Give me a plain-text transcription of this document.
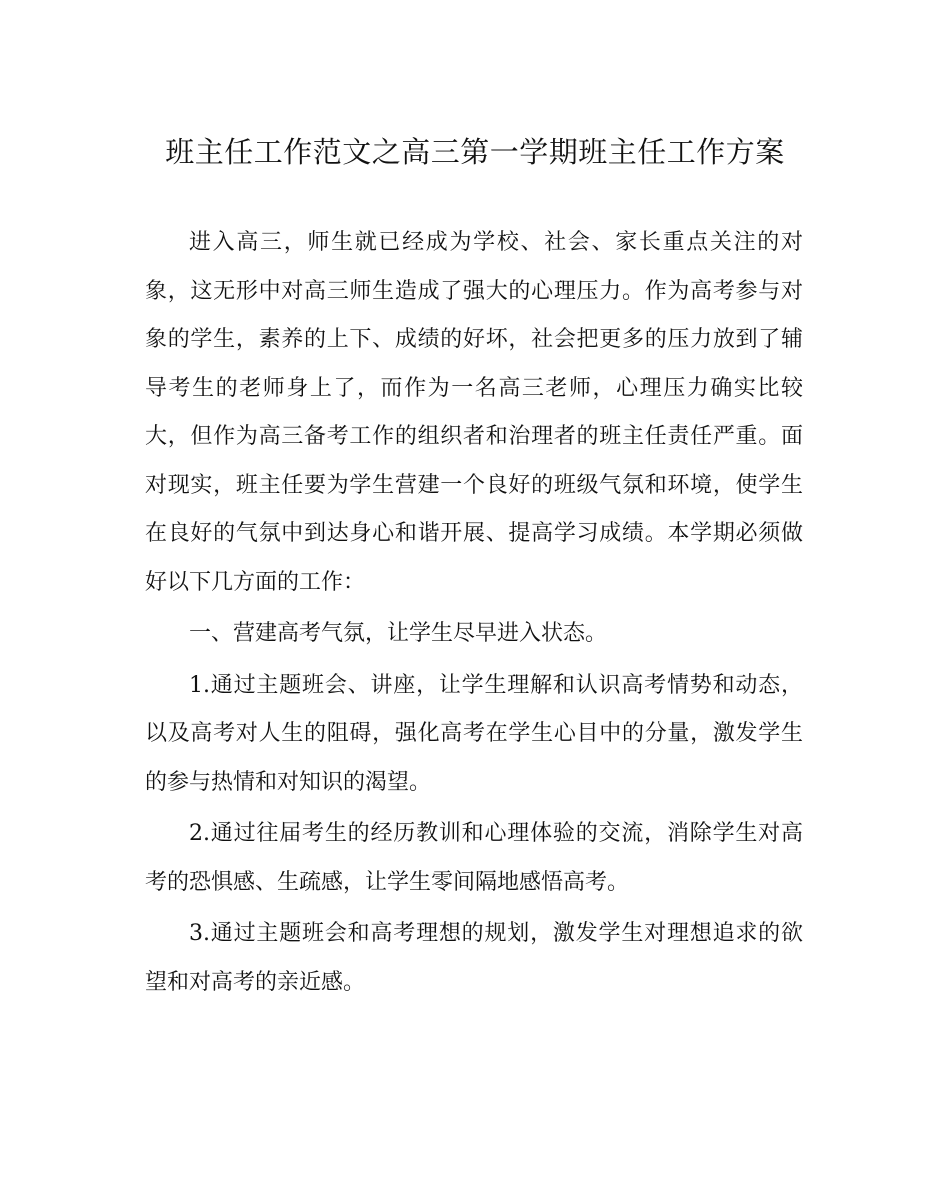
班主任工作范文之高三第一学期班主任工作方案

进入高三，师生就已经成为学校、社会、家长重点关注的对象，这无形中对高三师生造成了强大的心理压力。作为高考参与对象的学生，素养的上下、成绩的好坏，社会把更多的压力放到了辅导考生的老师身上了，而作为一名高三老师，心理压力确实比较大，但作为高三备考工作的组织者和治理者的班主任责任严重。面对现实，班主任要为学生营建一个良好的班级气氛和环境，使学生在良好的气氛中到达身心和谐开展、提高学习成绩。本学期必须做好以下几方面的工作：

一、营建高考气氛，让学生尽早进入状态。

1.通过主题班会、讲座，让学生理解和认识高考情势和动态，以及高考对人生的阻碍，强化高考在学生心目中的分量，激发学生的参与热情和对知识的渴望。

2.通过往届考生的经历教训和心理体验的交流，消除学生对高考的恐惧感、生疏感，让学生零间隔地感悟高考。

3.通过主题班会和高考理想的规划，激发学生对理想追求的欲望和对高考的亲近感。
